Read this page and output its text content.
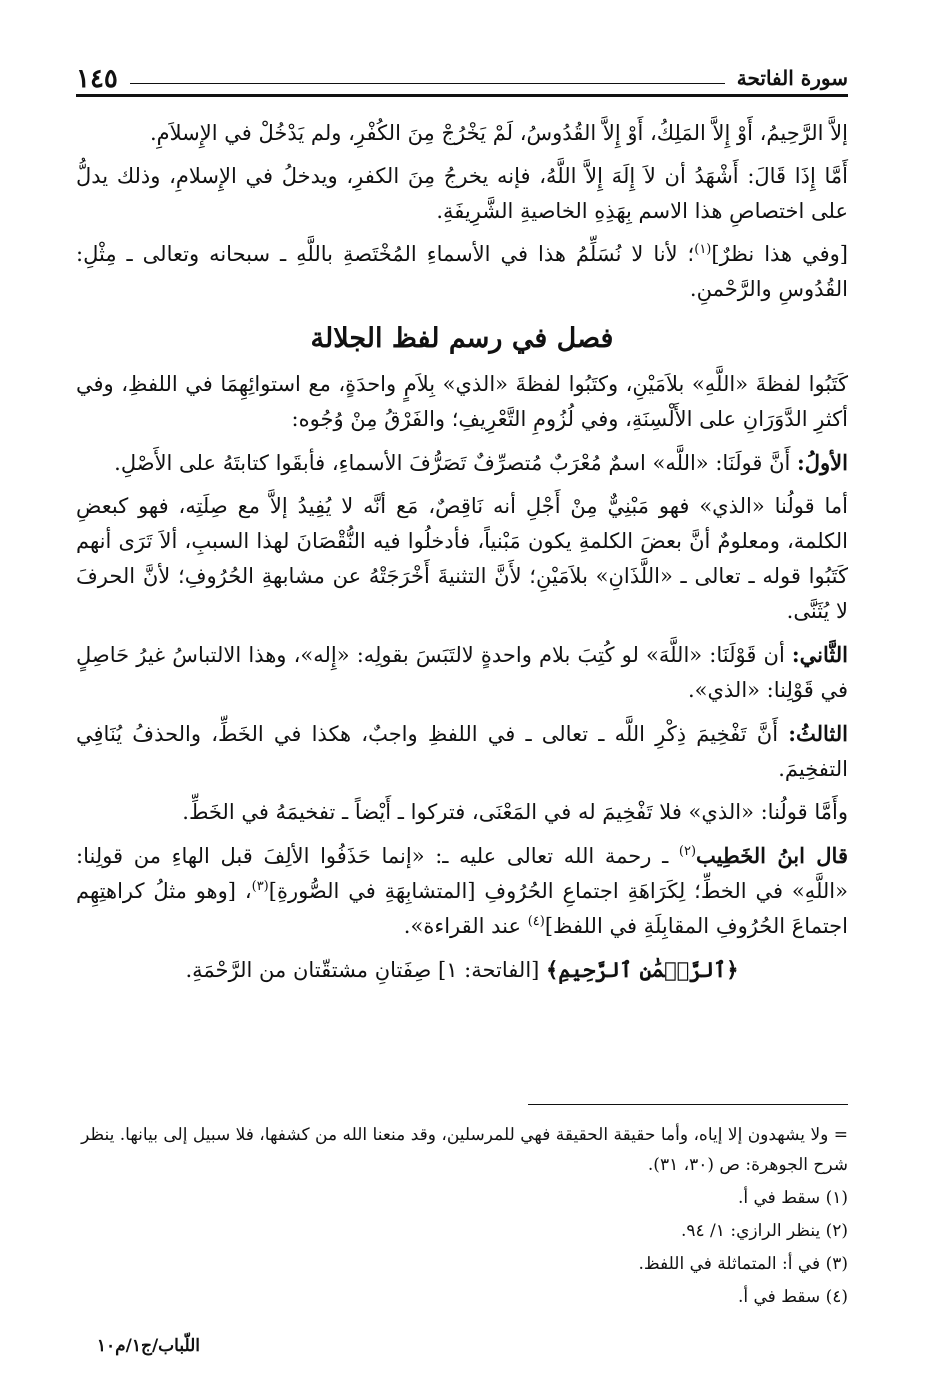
سورة الفاتحة
١٤٥

إلاَّ الرَّحِيمُ، أَوْ إِلاَّ المَلِكُ، أَوْ إِلاَّ القُدُوسُ، لَمْ يَخْرُجْ مِنَ الكُفْرِ، ولم يَدْخُلْ في الإِسلاَمِ.

أَمَّا إِذَا قَالَ: أَشْهَدُ أن لاَ إِلَهَ إِلاَّ اللَّهُ، فإنه يخرجُ مِنَ الكفرِ، ويدخلُ في الإِسلامِ، وذلك يدلُّ على اختصاصِ هذا الاسم بِهَذِهِ الخاصيةِ الشَّرِيفَةِ.

[وفي هذا نظرٌ]$^{(١)}$؛ لأنا لا نُسَلِّمُ هذا في الأسماءِ المُخْتَصةِ باللَّهِ ـ سبحانه وتعالى ـ مِثْلِ: القُدُوسِ والرَّحْمنِ.

فصل في رسم لفظ الجلالة

كَتَبُوا لفظةَ «اللَّهِ» بلاَمَيْنِ، وكتَبُوا لفظةَ «الذي» بِلاَمٍ واحدَةٍ، مع استوائِهِمَا في اللفظِ، وفي أكثرِ الدَّوَرَانِ على الأَلْسِنَةِ، وفي لُزُومِ التَّعْرِيفِ؛ والفَرْقُ مِنْ وُجُوه:

الأولُ: أَنَّ قولَنَا: «اللَّه» اسمٌ مُعْرَبٌ مُتصرِّفٌ تَصَرُّفَ الأسماءِ، فأبقَوا كتابتَهُ على الأَصْلِ.

أما قولُنا «الذي» فهو مَبْنِيٌّ مِنْ أَجْلِ أنه نَاقِصٌ، مَع أنَّه لا يُفِيدُ إلاَّ مع صِلَتِه، فهو كبعضِ الكلمة، ومعلومٌ أنَّ بعضَ الكلمةِ يكون مَبْنياً، فأدخلُوا فيه النُّقْصَانَ لهذا السببِ، ألاَ تَرَى أنهم كَتَبُوا قوله ـ تعالى ـ «اللَّذَانِ» بلاَمَيْنِ؛ لأَنَّ التثنيةَ أَخْرَجَتْهُ عن مشابهةِ الحُرُوفِ؛ لأنَّ الحرفَ لا يُثَنَّى.

الثَّاني: أن قَوْلَنَا: «اللَّهَ» لو كُتِبَ بلام واحدةٍ لالتَبَسَ بقولِه: «إِله»، وهذا الالتباسُ غيرُ حَاصِلٍ في قَوْلِنا: «الذي».

الثالثُ: أَنَّ تَفْخِيمَ ذِكْرِ اللَّه ـ تعالى ـ في اللفظِ واجبٌ، هكذا في الخَطِّ، والحذفُ يُنَافِي التفخِيمَ.

وأَمَّا قولُنا: «الذي» فلا تَفْخِيمَ له في المَعْنَى، فتركوا ـ أَيْضاً ـ تفخيمَهُ في الخَطِّ.

قال ابنُ الخَطِيب$^{(٢)}$ ـ رحمة الله تعالى عليه ـ: «إنما حَذَفُوا الألِفَ قبل الهاءِ من قولِنا: «اللَّهِ» في الخطِّ؛ لِكَرَاهَةِ اجتماعِ الحُرُوفِ [المتشابِهَةِ في الصُّورةِ]$^{(٣)}$، [وهو مثلُ كراهتِهِم اجتماعَ الحُرُوفِ المقابِلَةِ في اللفظ]$^{(٤)}$ عند القراءة».

﴿ٱلرَّحۡمَٰنِ ٱلرَّحِيمِ﴾ [الفاتحة: ١] صِفَتانِ مشتقّتان من الرَّحْمَةِ.

= ولا يشهدون إلا إياه، وأما حقيقة الحقيقة فهي للمرسلين، وقد منعنا الله من كشفها، فلا سبيل إلى بيانها. ينظر شرح الجوهرة: ص (٣٠، ٣١).
(١) سقط في أ.
(٢) ينظر الرازي: ١/ ٩٤.
(٣) في أ: المتماثلة في اللفظ.
(٤) سقط في أ.
اللّباب/ج١/م١٠
